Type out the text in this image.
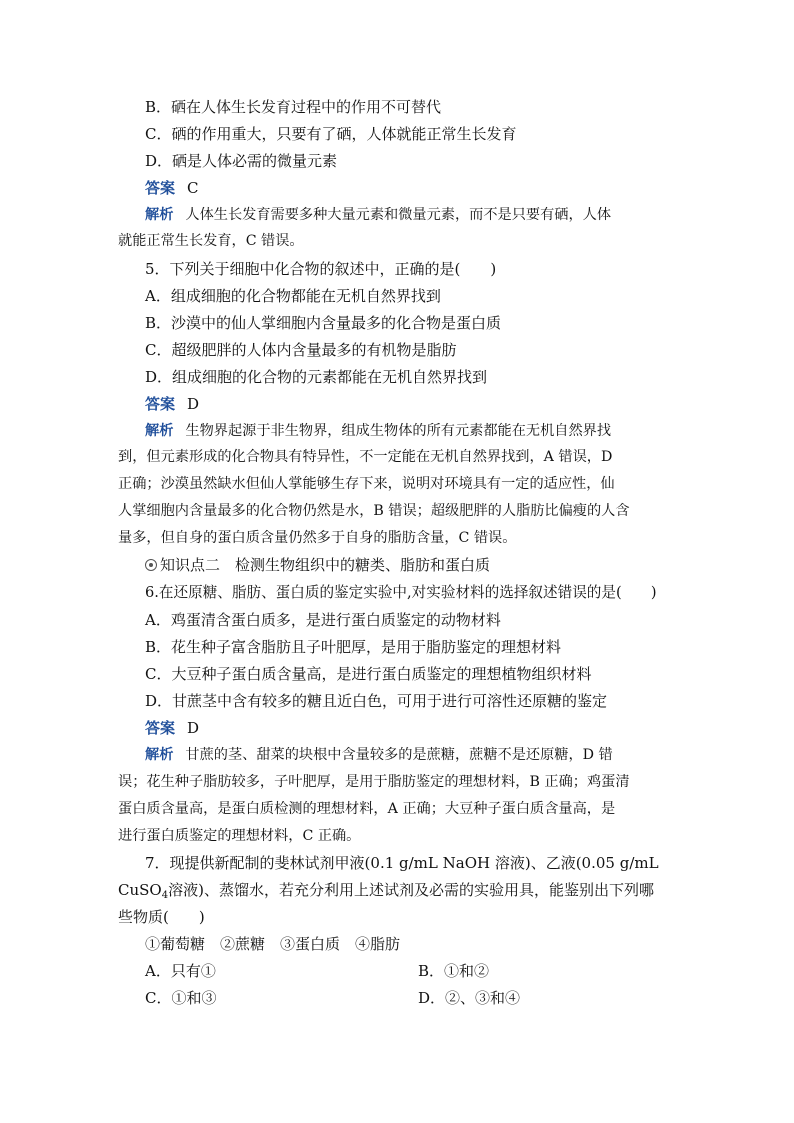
B．硒在人体生长发育过程中的作用不可替代
C．硒的作用重大，只要有了硒，人体就能正常生长发育
D．硒是人体必需的微量元素
答案 C
解析 人体生长发育需要多种大量元素和微量元素，而不是只要有硒，人体
就能正常生长发育，C 错误。
5．下列关于细胞中化合物的叙述中，正确的是(　　)
A．组成细胞的化合物都能在无机自然界找到
B．沙漠中的仙人掌细胞内含量最多的化合物是蛋白质
C．超级肥胖的人体内含量最多的有机物是脂肪
D．组成细胞的化合物的元素都能在无机自然界找到
答案 D
解析 生物界起源于非生物界，组成生物体的所有元素都能在无机自然界找
到，但元素形成的化合物具有特异性，不一定能在无机自然界找到，A 错误，D
正确；沙漠虽然缺水但仙人掌能够生存下来，说明对环境具有一定的适应性，仙
人掌细胞内含量最多的化合物仍然是水，B 错误；超级肥胖的人脂肪比偏瘦的人含
量多，但自身的蛋白质含量仍然多于自身的脂肪含量，C 错误。
知识点二　检测生物组织中的糖类、脂肪和蛋白质
6.在还原糖、脂肪、蛋白质的鉴定实验中,对实验材料的选择叙述错误的是(　　)
A．鸡蛋清含蛋白质多，是进行蛋白质鉴定的动物材料
B．花生种子富含脂肪且子叶肥厚，是用于脂肪鉴定的理想材料
C．大豆种子蛋白质含量高，是进行蛋白质鉴定的理想植物组织材料
D．甘蔗茎中含有较多的糖且近白色，可用于进行可溶性还原糖的鉴定
答案 D
解析 甘蔗的茎、甜菜的块根中含量较多的是蔗糖，蔗糖不是还原糖，D 错
误；花生种子脂肪较多，子叶肥厚，是用于脂肪鉴定的理想材料，B 正确；鸡蛋清
蛋白质含量高，是蛋白质检测的理想材料，A 正确；大豆种子蛋白质含量高，是
进行蛋白质鉴定的理想材料，C 正确。
7．现提供新配制的斐林试剂甲液(0.1 g/mL NaOH 溶液)、乙液(0.05 g/mL
CuSO$_4$溶液)、蒸馏水，若充分利用上述试剂及必需的实验用具，能鉴别出下列哪
些物质(　　)
①葡萄糖　②蔗糖　③蛋白质　④脂肪
A．只有①	B．①和②
C．①和③	D．②、③和④
